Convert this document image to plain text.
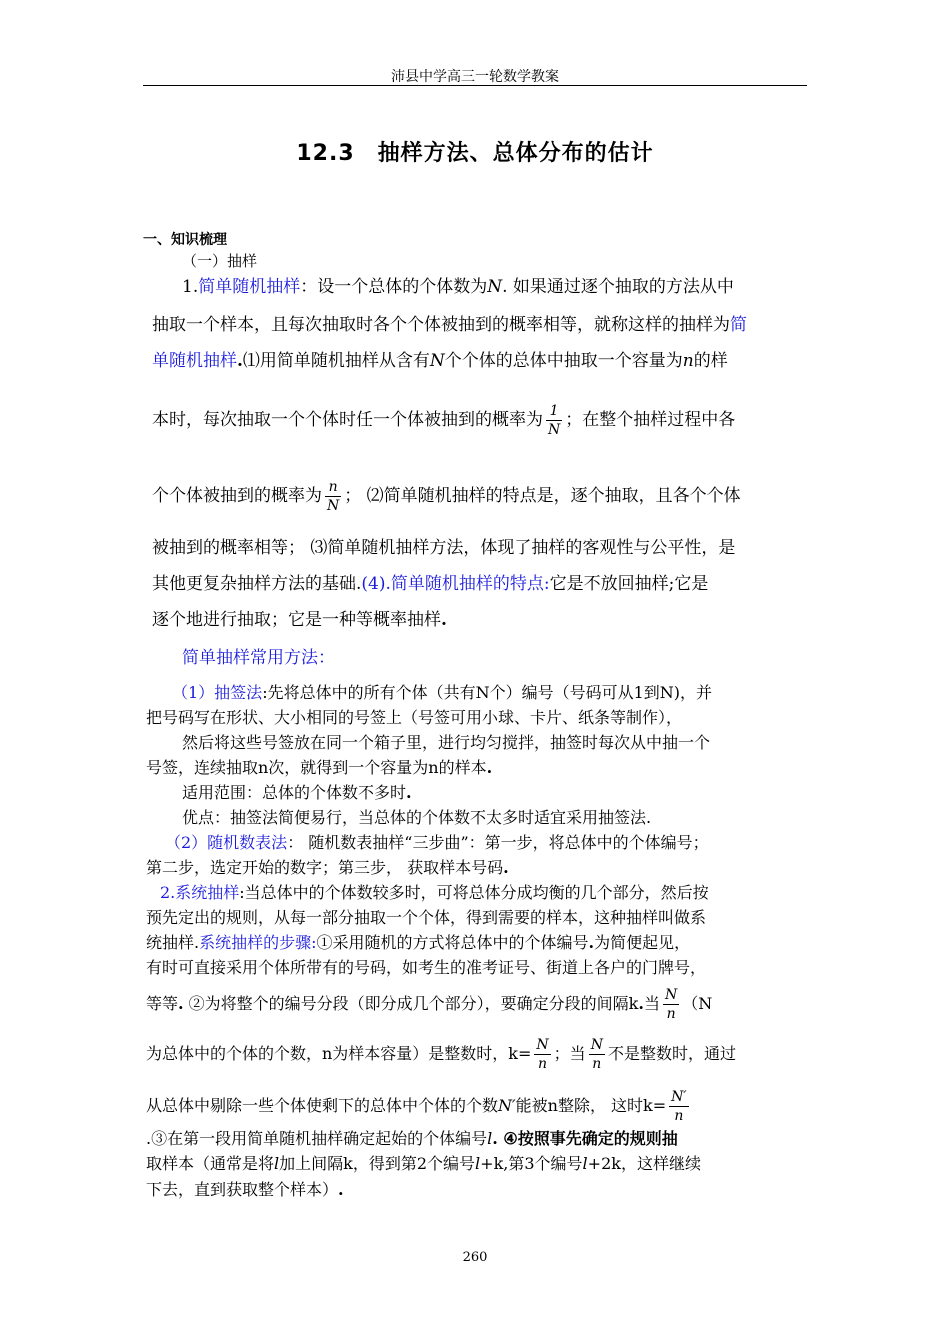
沛县中学高三一轮数学教案
12.3　抽样方法、总体分布的估计
一、知识梳理
（一）抽样
1.简单随机抽样：设一个总体的个体数为N. 如果通过逐个抽取的方法从中
抽取一个样本，且每次抽取时各个个体被抽到的概率相等，就称这样的抽样为简
单随机抽样.⑴用简单随机抽样从含有N个个体的总体中抽取一个容量为n的样
本时，每次抽取一个个体时任一个体被抽到的概率为 $\frac{1}{N}$ ；在整个抽样过程中各
个个体被抽到的概率为 $\frac{n}{N}$ ； ⑵简单随机抽样的特点是，逐个抽取，且各个个体
被抽到的概率相等； ⑶简单随机抽样方法，体现了抽样的客观性与公平性，是
其他更复杂抽样方法的基础.(4).简单随机抽样的特点:它是不放回抽样;它是
逐个地进行抽取；它是一种等概率抽样.
简单抽样常用方法：
（1）抽签法:先将总体中的所有个体（共有N个）编号（号码可从1到N)，并
把号码写在形状、大小相同的号签上（号签可用小球、卡片、纸条等制作），
然后将这些号签放在同一个箱子里，进行均匀搅拌，抽签时每次从中抽一个
号签，连续抽取n次，就得到一个容量为n的样本.
适用范围：总体的个体数不多时.
优点：抽签法简便易行，当总体的个体数不太多时适宜采用抽签法.
（2）随机数表法： 随机数表抽样“三步曲”：第一步，将总体中的个体编号；
第二步，选定开始的数字；第三步， 获取样本号码.
2.系统抽样:当总体中的个体数较多时，可将总体分成均衡的几个部分，然后按
预先定出的规则，从每一部分抽取一个个体，得到需要的样本，这种抽样叫做系
统抽样.系统抽样的步骤:①采用随机的方式将总体中的个体编号.为简便起见，
有时可直接采用个体所带有的号码，如考生的准考证号、街道上各户的门牌号，
等等. ②为将整个的编号分段（即分成几个部分），要确定分段的间隔k.当 $\frac{N}{n} (N$
为总体中的个体的个数，n为样本容量）是整数时，$k= \frac{N}{n}$ ；当 $\frac{N}{n}$ 不是整数时，通过
从总体中剔除一些个体使剩下的总体中个体的个数N′能被n整除， 这时$k= \frac{N'}{n}$
.③在第一段用简单随机抽样确定起始的个体编号l. ④按照事先确定的规则抽
取样本（通常是将l加上间隔k，得到第2个编号l+k,第3个编号l+2k，这样继续
下去，直到获取整个样本）.
260
